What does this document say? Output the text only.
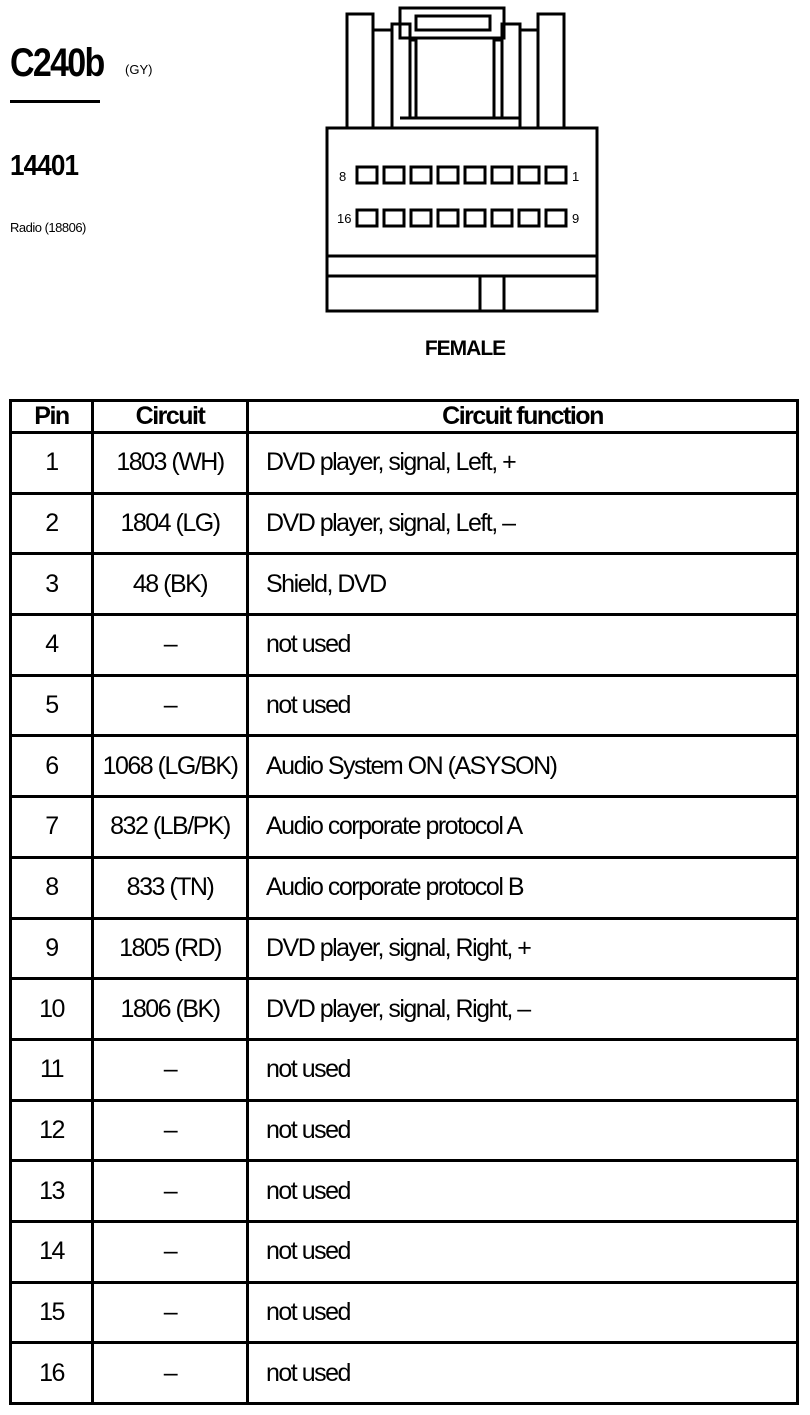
C240b (GY)
14401
Radio (18806)
8	1
16	9
FEMALE
Pin	Circuit	Circuit function
1	1803 (WH)	DVD player, signal, Left, +
2	1804 (LG)	DVD player, signal, Left, –
3	48 (BK)	Shield, DVD
4	–	not used
5	–	not used
6	1068 (LG/BK)	Audio System ON (ASYSON)
7	832 (LB/PK)	Audio corporate protocol A
8	833 (TN)	Audio corporate protocol B
9	1805 (RD)	DVD player, signal, Right, +
10	1806 (BK)	DVD player, signal, Right, –
11	–	not used
12	–	not used
13	–	not used
14	–	not used
15	–	not used
16	–	not used
